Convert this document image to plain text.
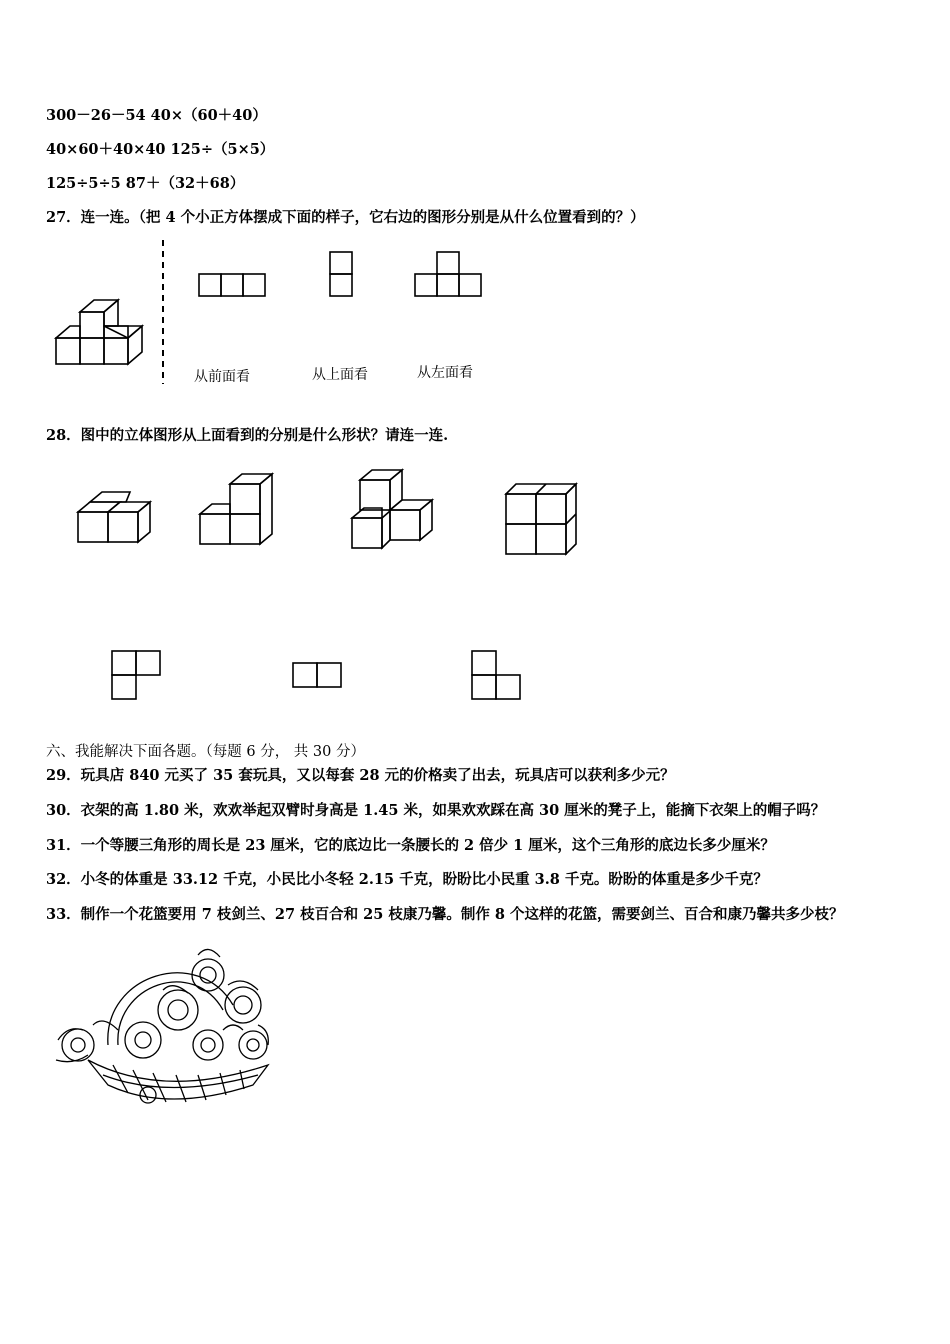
300－26－54 40×（60＋40）
40×60＋40×40 125÷（5×5）
125÷5÷5 87＋（32＋68）
27．连一连。（把 4 个小正方体摆成下面的样子，它右边的图形分别是从什么位置看到的？）
从前面看	从上面看	从左面看
28．图中的立体图形从上面看到的分别是什么形状？请连一连.
六、我能解决下面各题。（每题 6 分， 共 30 分）
29．玩具店 840 元买了 35 套玩具，又以每套 28 元的价格卖了出去，玩具店可以获利多少元？
30．衣架的高 1.80 米，欢欢举起双臂时身高是 1.45 米，如果欢欢踩在高 30 厘米的凳子上，能摘下衣架上的帽子吗？
31．一个等腰三角形的周长是 23 厘米，它的底边比一条腰长的 2 倍少 1 厘米，这个三角形的底边长多少厘米？
32．小冬的体重是 33.12 千克，小民比小冬轻 2.15 千克，盼盼比小民重 3.8 千克。盼盼的体重是多少千克？
33．制作一个花篮要用 7 枝剑兰、27 枝百合和 25 枝康乃馨。制作 8 个这样的花篮，需要剑兰、百合和康乃馨共多少枝？
